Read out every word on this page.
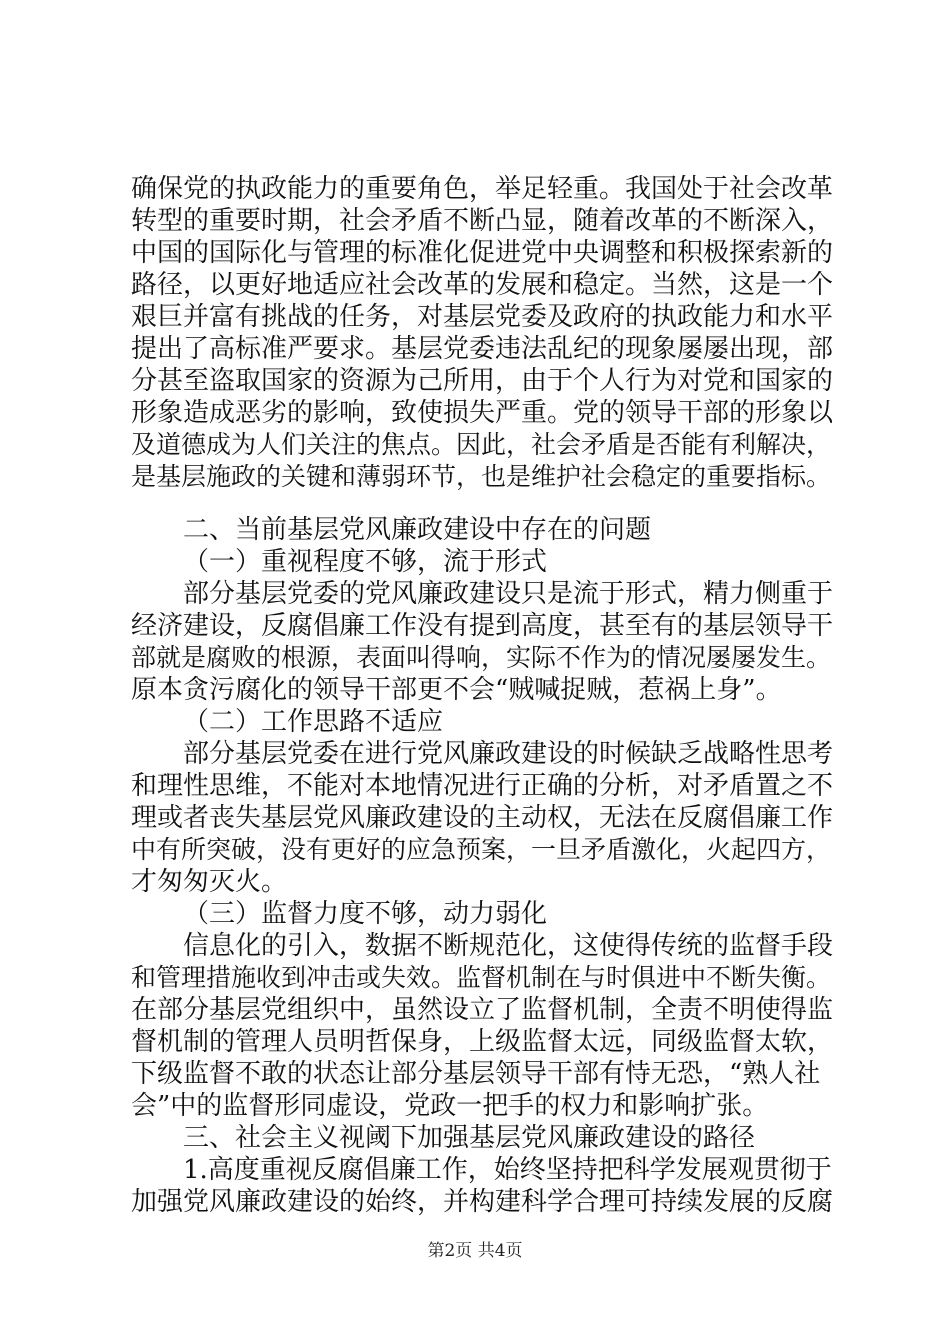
确保党的执政能力的重要角色，举足轻重。我国处于社会改革
转型的重要时期，社会矛盾不断凸显，随着改革的不断深入，
中国的国际化与管理的标准化促进党中央调整和积极探索新的
路径，以更好地适应社会改革的发展和稳定。当然，这是一个
艰巨并富有挑战的任务，对基层党委及政府的执政能力和水平
提出了高标准严要求。基层党委违法乱纪的现象屡屡出现，部
分甚至盗取国家的资源为己所用，由于个人行为对党和国家的
形象造成恶劣的影响，致使损失严重。党的领导干部的形象以
及道德成为人们关注的焦点。因此，社会矛盾是否能有利解决，
是基层施政的关键和薄弱环节，也是维护社会稳定的重要指标。
二、当前基层党风廉政建设中存在的问题
（一）重视程度不够，流于形式
部分基层党委的党风廉政建设只是流于形式，精力侧重于
经济建设，反腐倡廉工作没有提到高度，甚至有的基层领导干
部就是腐败的根源，表面叫得响，实际不作为的情况屡屡发生。
原本贪污腐化的领导干部更不会“贼喊捉贼，惹祸上身”。
（二）工作思路不适应
部分基层党委在进行党风廉政建设的时候缺乏战略性思考
和理性思维，不能对本地情况进行正确的分析，对矛盾置之不
理或者丧失基层党风廉政建设的主动权，无法在反腐倡廉工作
中有所突破，没有更好的应急预案，一旦矛盾激化，火起四方，
才匆匆灭火。
（三）监督力度不够，动力弱化
信息化的引入，数据不断规范化，这使得传统的监督手段
和管理措施收到冲击或失效。监督机制在与时俱进中不断失衡。
在部分基层党组织中，虽然设立了监督机制，全责不明使得监
督机制的管理人员明哲保身，上级监督太远，同级监督太软，
下级监督不敢的状态让部分基层领导干部有恃无恐，“熟人社
会”中的监督形同虚设，党政一把手的权力和影响扩张。
三、社会主义视阈下加强基层党风廉政建设的路径
1.高度重视反腐倡廉工作，始终坚持把科学发展观贯彻于
加强党风廉政建设的始终，并构建科学合理可持续发展的反腐
第2页 共4页
